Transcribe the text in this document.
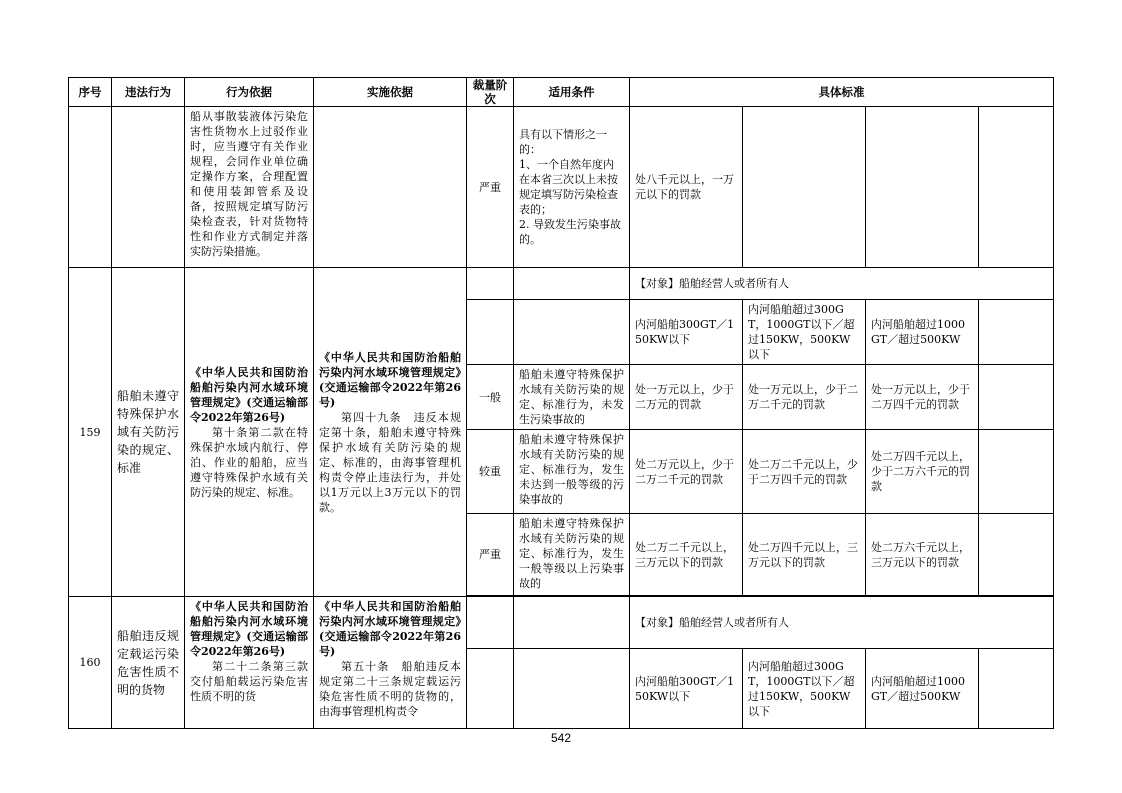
序号	违法行为	行为依据	实施依据	裁量阶次	适用条件	具体标准			
		船从事散装液体污染危害性货物水上过驳作业时，应当遵守有关作业规程，会同作业单位确定操作方案，合理配置和使用装卸管系及设备，按照规定填写防污染检查表，针对货物特性和作业方式制定并落实防污染措施。		严重	具有以下情形之一的：
1、一个自然年度内在本省三次以上未按规定填写防污染检查表的；
2. 导致发生污染事故的。	处八千元以上，一万元以下的罚款			
159	船舶未遵守特殊保护水域有关防污染的规定、标准	《中华人民共和国防治船舶污染内河水域环境管理规定》(交通运输部令2022年第26号)
第十条第二款在特殊保护水域内航行、停泊、作业的船舶，应当遵守特殊保护水域有关防污染的规定、标准。	《中华人民共和国防治船舶污染内河水域环境管理规定》(交通运输部令2022年第26号)
第四十九条　违反本规定第十条，船舶未遵守特殊保护水域有关防污染的规定、标准的，由海事管理机构责令停止违法行为，并处以1万元以上3万元以下的罚款。			【对象】船舶经营人或者所有人			
						内河船舶300GT／150KW以下	内河船舶超过300GT，1000GT以下／超过150KW，500KW以下	内河船舶超过1000GT／超过500KW	
				一般	船舶未遵守特殊保护水域有关防污染的规定、标准行为，未发生污染事故的	处一万元以上，少于二万元的罚款	处一万元以上，少于二万二千元的罚款	处一万元以上，少于二万四千元的罚款	
				较重	船舶未遵守特殊保护水域有关防污染的规定、标准行为，发生未达到一般等级的污染事故的	处二万元以上，少于二万二千元的罚款	处二万二千元以上，少于二万四千元的罚款	处二万四千元以上，少于二万六千元的罚款	
				严重	船舶未遵守特殊保护水域有关防污染的规定、标准行为，发生一般等级以上污染事故的	处二万二千元以上，三万元以下的罚款	处二万四千元以上，三万元以下的罚款	处二万六千元以上，三万元以下的罚款	

160	船舶违反规定载运污染危害性质不明的货物	《中华人民共和国防治船舶污染内河水域环境管理规定》(交通运输部令2022年第26号)
第二十二条第三款　交付船舶载运污染危害性质不明的货	《中华人民共和国防治船舶污染内河水域环境管理规定》(交通运输部令2022年第26号)
第五十条　船舶违反本规定第二十三条规定载运污染危害性质不明的货物的，由海事管理机构责令			【对象】船舶经营人或者所有人			
						内河船舶300GT／150KW以下	内河船舶超过300GT，1000GT以下／超过150KW，500KW以下	内河船舶超过1000GT／超过500KW	
542
